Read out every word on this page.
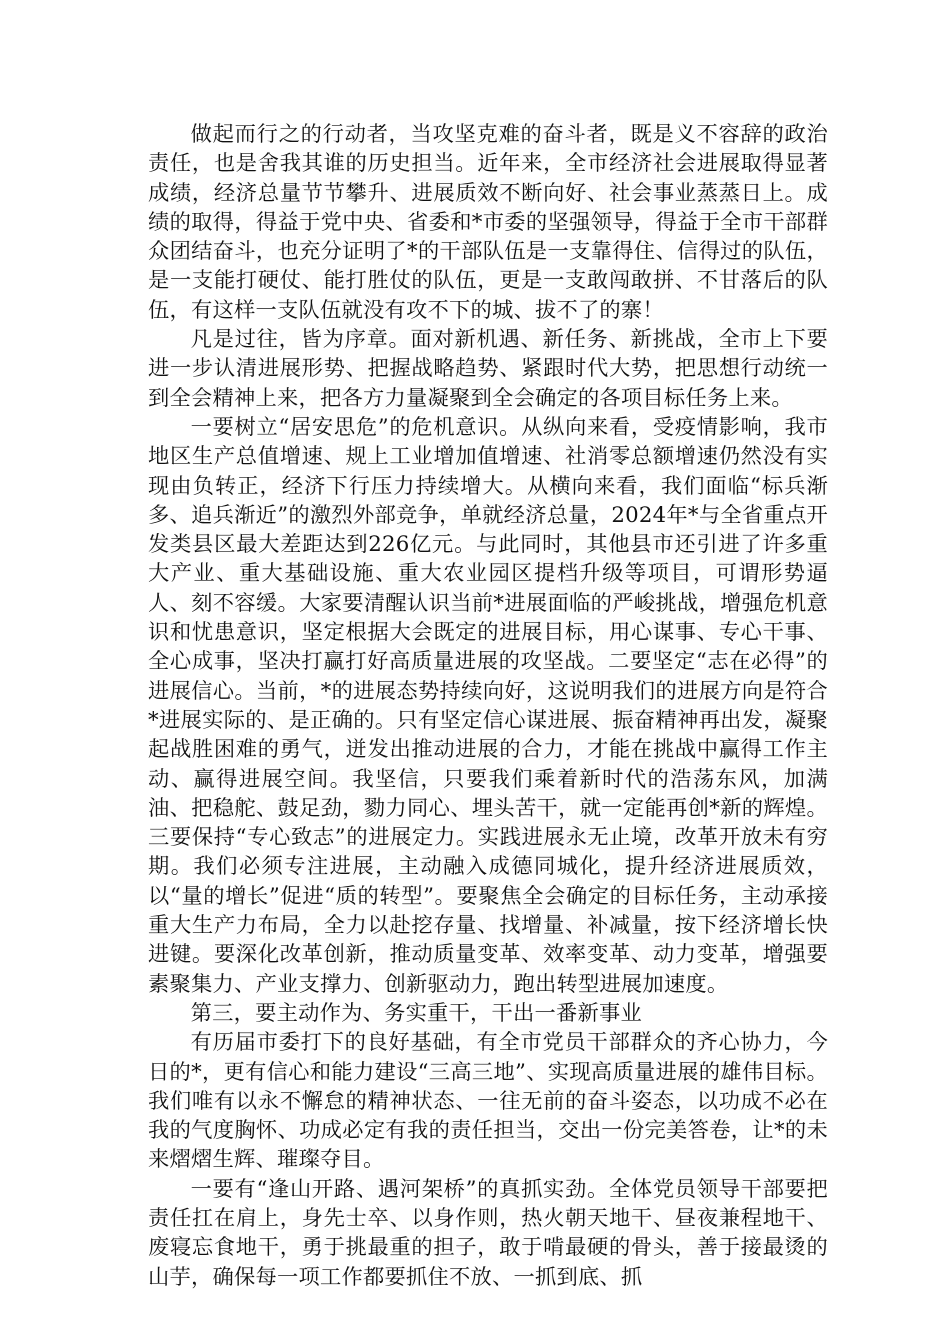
做起而行之的行动者，当攻坚克难的奋斗者，既是义不容辞的政治责任，也是舍我其谁的历史担当。近年来，全市经济社会进展取得显著成绩，经济总量节节攀升、进展质效不断向好、社会事业蒸蒸日上。成绩的取得，得益于党中央、省委和*市委的坚强领导，得益于全市干部群众团结奋斗，也充分证明了*的干部队伍是一支靠得住、信得过的队伍，是一支能打硬仗、能打胜仗的队伍，更是一支敢闯敢拼、不甘落后的队伍，有这样一支队伍就没有攻不下的城、拔不了的寨！

凡是过往，皆为序章。面对新机遇、新任务、新挑战，全市上下要进一步认清进展形势、把握战略趋势、紧跟时代大势，把思想行动统一到全会精神上来，把各方力量凝聚到全会确定的各项目标任务上来。

一要树立“居安思危”的危机意识。从纵向来看，受疫情影响，我市地区生产总值增速、规上工业增加值增速、社消零总额增速仍然没有实现由负转正，经济下行压力持续增大。从横向来看，我们面临“标兵渐多、追兵渐近”的激烈外部竞争，单就经济总量，2024年*与全省重点开发类县区最大差距达到226亿元。与此同时，其他县市还引进了许多重大产业、重大基础设施、重大农业园区提档升级等项目，可谓形势逼人、刻不容缓。大家要清醒认识当前*进展面临的严峻挑战，增强危机意识和忧患意识，坚定根据大会既定的进展目标，用心谋事、专心干事、全心成事，坚决打赢打好高质量进展的攻坚战。二要坚定“志在必得”的进展信心。当前，*的进展态势持续向好，这说明我们的进展方向是符合*进展实际的、是正确的。只有坚定信心谋进展、振奋精神再出发，凝聚起战胜困难的勇气，迸发出推动进展的合力，才能在挑战中赢得工作主动、赢得进展空间。我坚信，只要我们乘着新时代的浩荡东风，加满油、把稳舵、鼓足劲，勠力同心、埋头苦干，就一定能再创*新的辉煌。三要保持“专心致志”的进展定力。实践进展永无止境，改革开放未有穷期。我们必须专注进展，主动融入成德同城化，提升经济进展质效，以“量的增长”促进“质的转型”。要聚焦全会确定的目标任务，主动承接重大生产力布局，全力以赴挖存量、找增量、补减量，按下经济增长快进键。要深化改革创新，推动质量变革、效率变革、动力变革，增强要素聚集力、产业支撑力、创新驱动力，跑出转型进展加速度。

第三，要主动作为、务实重干，干出一番新事业

有历届市委打下的良好基础，有全市党员干部群众的齐心协力，今日的*，更有信心和能力建设“三高三地”、实现高质量进展的雄伟目标。我们唯有以永不懈怠的精神状态、一往无前的奋斗姿态，以功成不必在我的气度胸怀、功成必定有我的责任担当，交出一份完美答卷，让*的未来熠熠生辉、璀璨夺目。

一要有“逢山开路、遇河架桥”的真抓实劲。全体党员领导干部要把责任扛在肩上，身先士卒、以身作则，热火朝天地干、昼夜兼程地干、废寝忘食地干，勇于挑最重的担子，敢于啃最硬的骨头，善于接最烫的山芋，确保每一项工作都要抓住不放、一抓到底、抓
